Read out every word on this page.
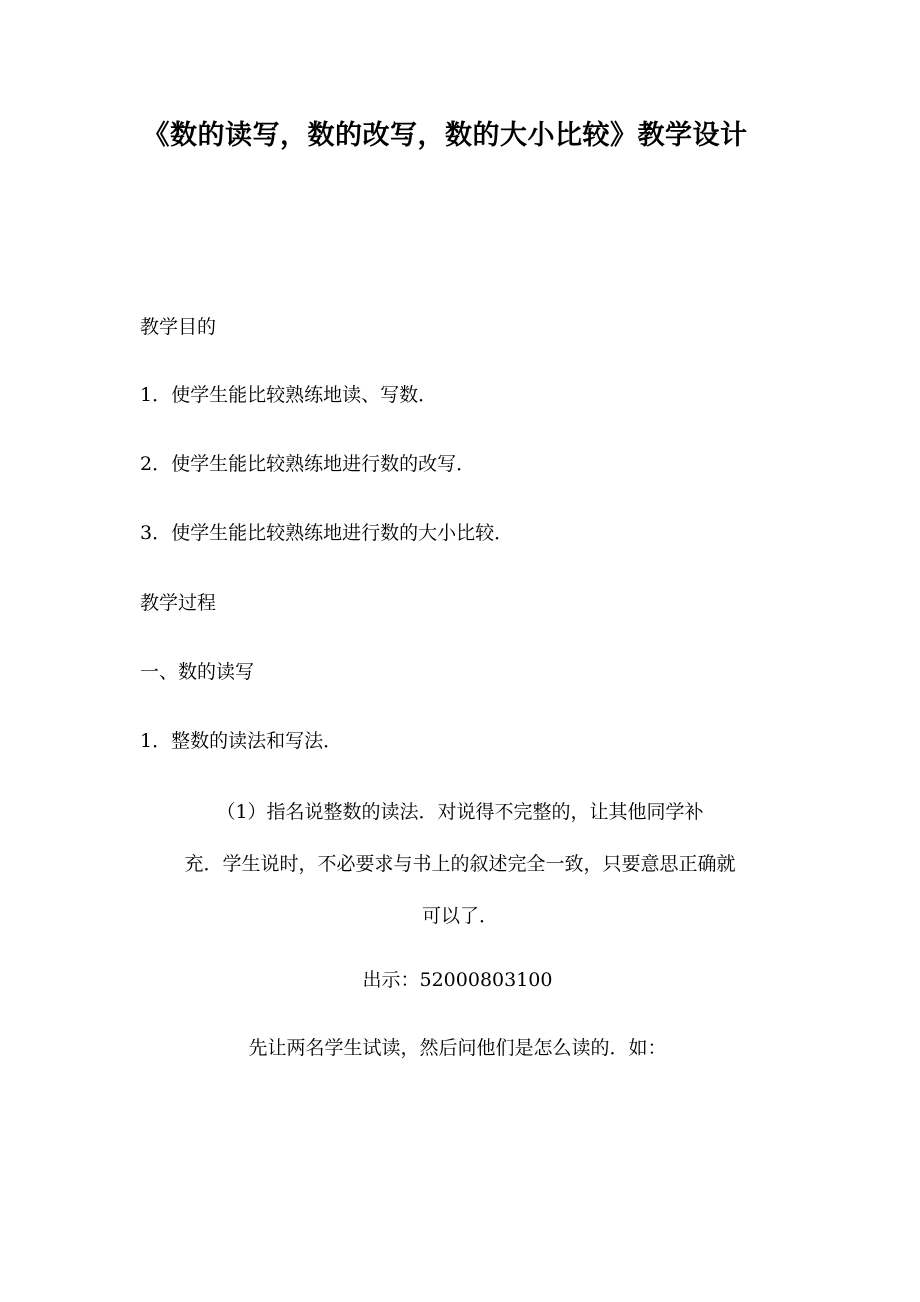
《数的读写，数的改写，数的大小比较》教学设计

教学目的

1．使学生能比较熟练地读、写数．

2．使学生能比较熟练地进行数的改写．

3．使学生能比较熟练地进行数的大小比较．

教学过程

一、数的读写

1．整数的读法和写法．

（1）指名说整数的读法．对说得不完整的，让其他同学补
充．学生说时，不必要求与书上的叙述完全一致，只要意思正确就
可以了．

出示：52000803100

先让两名学生试读，然后问他们是怎么读的．如：
